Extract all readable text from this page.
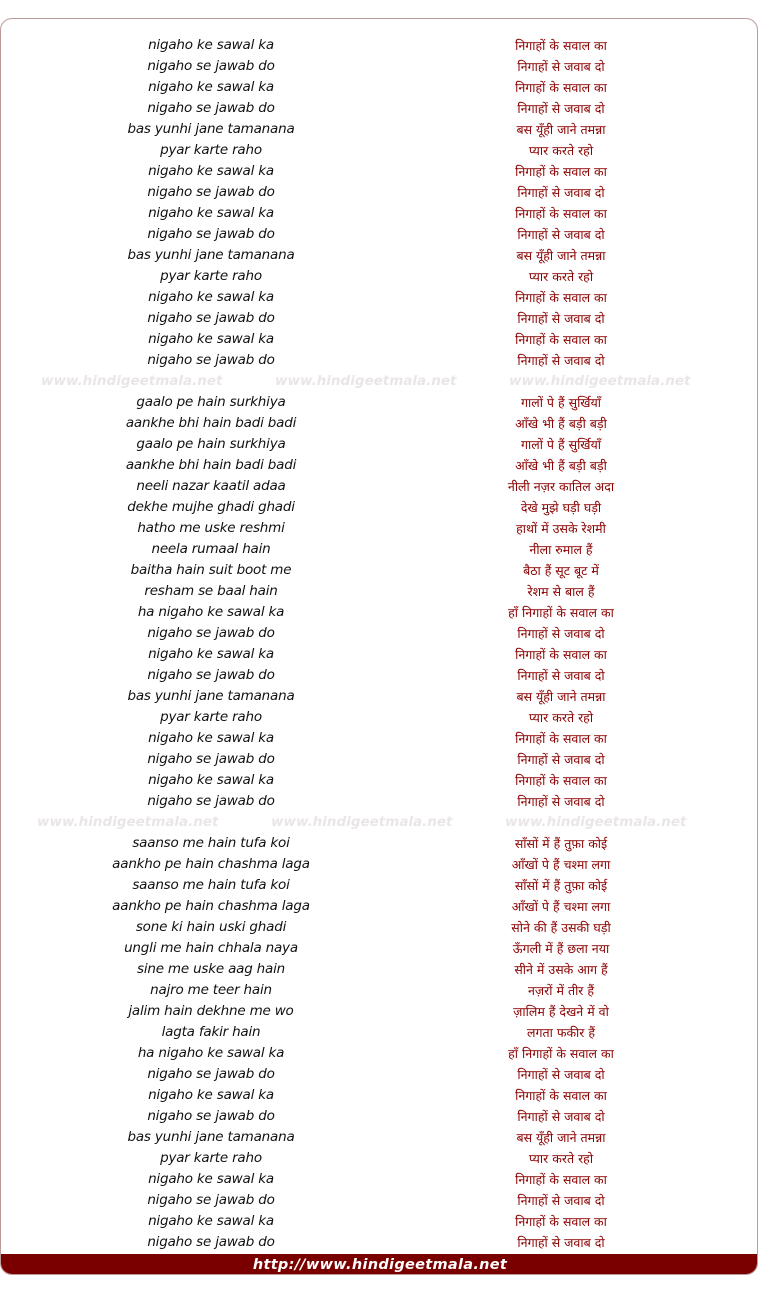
nigaho ke sawal ka	निगाहों के सवाल का
nigaho se jawab do	निगाहों से जवाब दो
nigaho ke sawal ka	निगाहों के सवाल का
nigaho se jawab do	निगाहों से जवाब दो
bas yunhi jane tamanana	बस यूँही जाने तमन्ना
pyar karte raho	प्यार करते रहो
nigaho ke sawal ka	निगाहों के सवाल का
nigaho se jawab do	निगाहों से जवाब दो
nigaho ke sawal ka	निगाहों के सवाल का
nigaho se jawab do	निगाहों से जवाब दो
bas yunhi jane tamanana	बस यूँही जाने तमन्ना
pyar karte raho	प्यार करते रहो
nigaho ke sawal ka	निगाहों के सवाल का
nigaho se jawab do	निगाहों से जवाब दो
nigaho ke sawal ka	निगाहों के सवाल का
nigaho se jawab do	निगाहों से जवाब दो
www.hindigeetmala.net	www.hindigeetmala.net	www.hindigeetmala.net
gaalo pe hain surkhiya	गालों पे हैं सुर्खियाँ
aankhe bhi hain badi badi	आँखे भी हैं बड़ी बड़ी
gaalo pe hain surkhiya	गालों पे हैं सुर्खियाँ
aankhe bhi hain badi badi	आँखे भी हैं बड़ी बड़ी
neeli nazar kaatil adaa	नीली नज़र कातिल अदा
dekhe mujhe ghadi ghadi	देखे मुझे घड़ी घड़ी
hatho me uske reshmi	हाथों में उसके रेशमी
neela rumaal hain	नीला रुमाल हैं
baitha hain suit boot me	बैठा हैं सूट बूट में
resham se baal hain	रेशम से बाल हैं
ha nigaho ke sawal ka	हाँ निगाहों के सवाल का
nigaho se jawab do	निगाहों से जवाब दो
nigaho ke sawal ka	निगाहों के सवाल का
nigaho se jawab do	निगाहों से जवाब दो
bas yunhi jane tamanana	बस यूँही जाने तमन्ना
pyar karte raho	प्यार करते रहो
nigaho ke sawal ka	निगाहों के सवाल का
nigaho se jawab do	निगाहों से जवाब दो
nigaho ke sawal ka	निगाहों के सवाल का
nigaho se jawab do	निगाहों से जवाब दो
www.hindigeetmala.net	www.hindigeetmala.net	www.hindigeetmala.net
saanso me hain tufa koi	साँसों में हैं तुफ़ा कोई
aankho pe hain chashma laga	आँखों पे हैं चश्मा लगा
saanso me hain tufa koi	साँसों में हैं तुफ़ा कोई
aankho pe hain chashma laga	आँखों पे हैं चश्मा लगा
sone ki hain uski ghadi	सोने की हैं उसकी घड़ी
ungli me hain chhala naya	ऊँगली में हैं छला नया
sine me uske aag hain	सीने में उसके आग हैं
najro me teer hain	नज़रों में तीर हैं
jalim hain dekhne me wo	ज़ालिम हैं देखने में वो
lagta fakir hain	लगता फकीर हैं
ha nigaho ke sawal ka	हाँ निगाहों के सवाल का
nigaho se jawab do	निगाहों से जवाब दो
nigaho ke sawal ka	निगाहों के सवाल का
nigaho se jawab do	निगाहों से जवाब दो
bas yunhi jane tamanana	बस यूँही जाने तमन्ना
pyar karte raho	प्यार करते रहो
nigaho ke sawal ka	निगाहों के सवाल का
nigaho se jawab do	निगाहों से जवाब दो
nigaho ke sawal ka	निगाहों के सवाल का
nigaho se jawab do	निगाहों से जवाब दो
http://www.hindigeetmala.net
